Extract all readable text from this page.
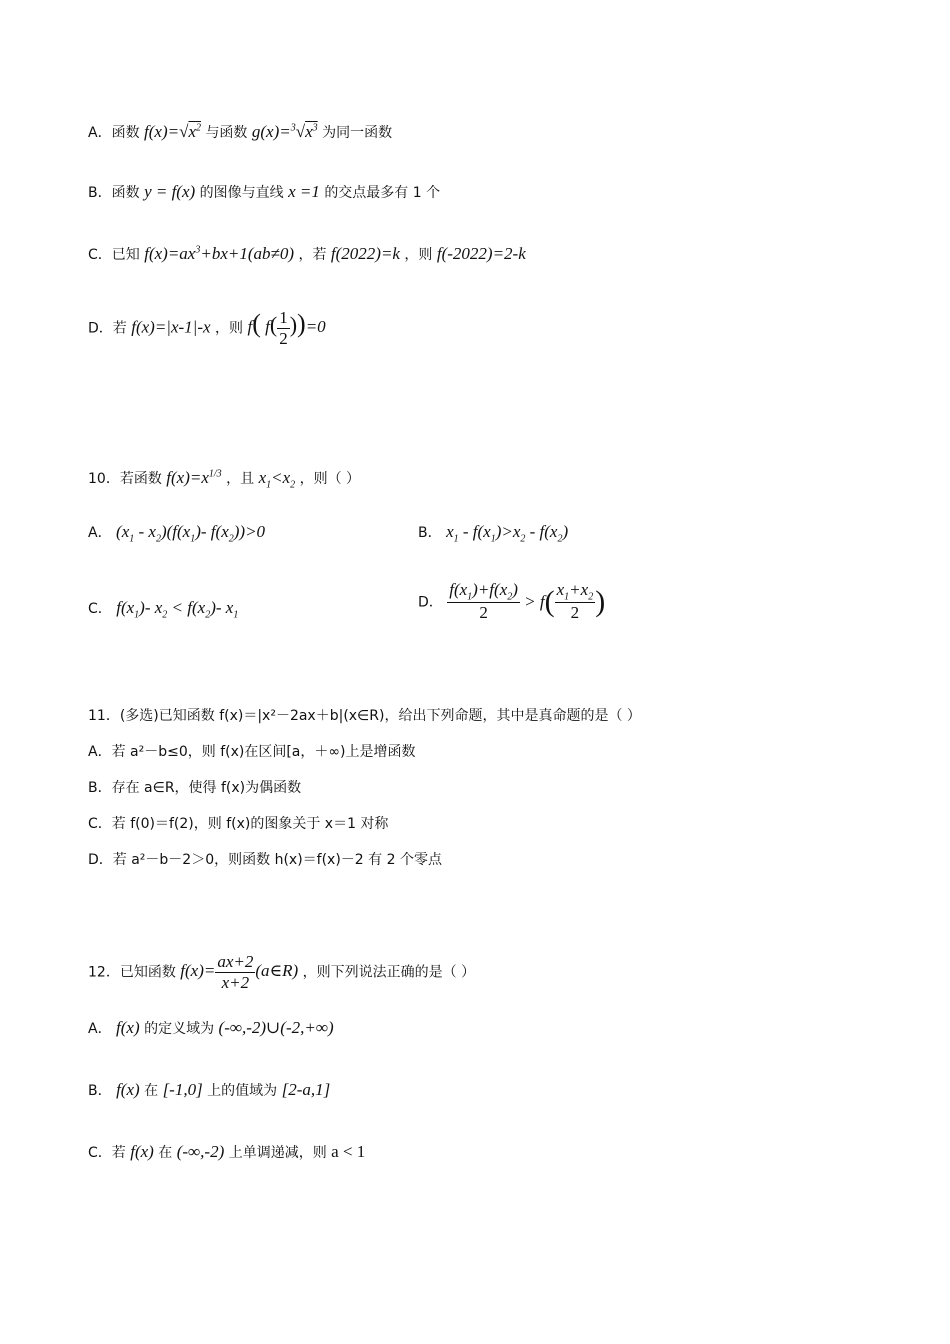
A．函数 $f(x)=√x^2$ 与函数 $g(x)=^3√x^3$ 为同一函数
B．函数 y = f(x) 的图像与直线 x =1 的交点最多有 1 个
C．已知 $f(x)=ax^3+bx+1(ab\ne 0)$ ，若 f(2022)=k ，则 f(-2022)=2-k
D．若 f(x)=|x-1|-x ，则 f( $f( \frac{1}{2} ))=0$
10．若函数 $f(x)=x^{1/3}$ ，且 $x_1<x_2$ ，则（ ）
A． $(x_1 - x_2)(f(x_1)-$ $f(x_2))>0$	B． $x_1 - f(x_1)>x_2 - f(x_2)$
C． $f(x_1)-$ $x_2 < f(x_2)-$ $x_1$
D． $\frac{f(x_1)+f(x_2)}{2} > f( \frac{x_1+x_2}{2}$ )
11．(多选)已知函数 f(x)＝|x²－2ax＋b|(x∈R)，给出下列命题，其中是真命题的是（ ）
A．若 a²－b≤0，则 f(x)在区间[a，＋∞)上是增函数
B．存在 a∈R，使得 f(x)为偶函数
C．若 f(0)＝f(2)，则 f(x)的图象关于 x＝1 对称
D．若 a²－b－2＞0，则函数 h(x)＝f(x)－2 有 2 个零点
12．已知函数 $f(x)= \frac{ax+2}{x+2}$ (a∈R) ，则下列说法正确的是（ ）
A． f(x) 的定义域为 (-∞,-2)∪(-2,+∞)
B． f(x) 在 [-1,0] 上的值域为 [2-a,1]
C．若 f(x) 在 (-∞,-2) 上单调递减，则 a < 1
